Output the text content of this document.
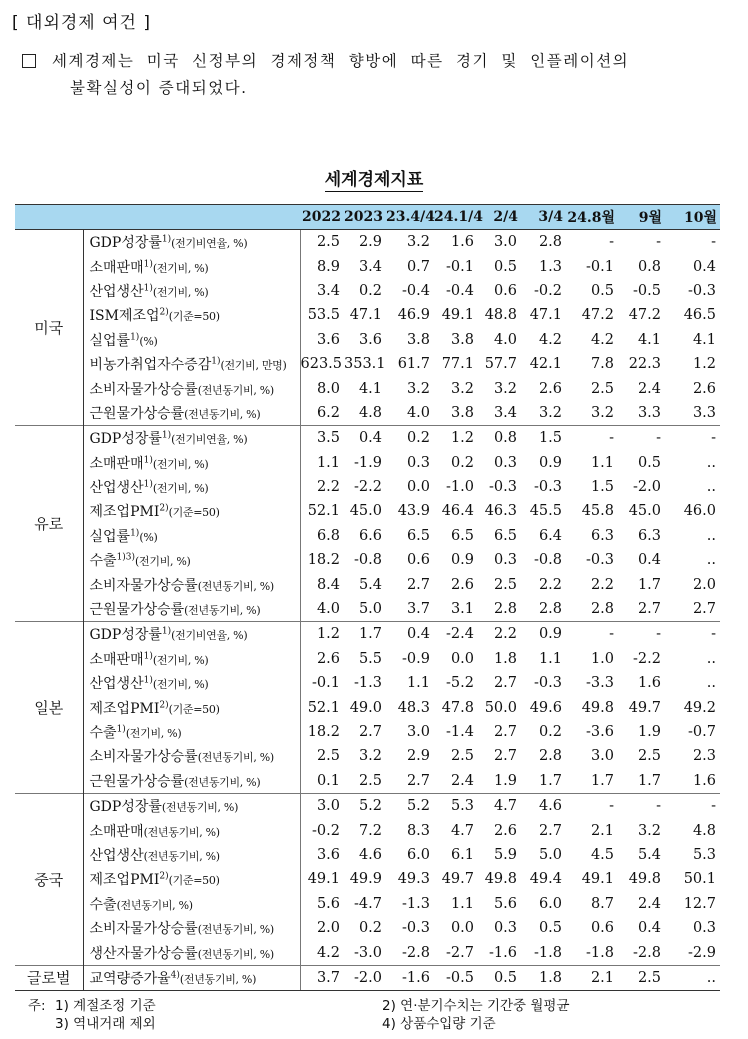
[ 대외경제 여건 ]
세계경제는 미국 신정부의 경제정책 향방에 따른 경기 및 인플레이션의
불확실성이 증대되었다.
세계경제지표
		2022	2023	23.4/4	24.1/4	2/4	3/4	24.8월	9월	10월
미국	GDP성장률$^{1)}$(전기비연율, %)	2.5	2.9	3.2	1.6	3.0	2.8	-	-	-
	소매판매$^{1)}$(전기비, %)	8.9	3.4	0.7	-0.1	0.5	1.3	-0.1	0.8	0.4
	산업생산$^{1)}$(전기비, %)	3.4	0.2	-0.4	-0.4	0.6	-0.2	0.5	-0.5	-0.3
	ISM제조업$^{2)}$(기준=50)	53.5	47.1	46.9	49.1	48.8	47.1	47.2	47.2	46.5
	실업률$^{1)}$(%)	3.6	3.6	3.8	3.8	4.0	4.2	4.2	4.1	4.1
	비농가취업자수증감$^{1)}$(전기비, 만명)	623.5	353.1	61.7	77.1	57.7	42.1	7.8	22.3	1.2
	소비자물가상승률(전년동기비, %)	8.0	4.1	3.2	3.2	3.2	2.6	2.5	2.4	2.6
	근원물가상승률(전년동기비, %)	6.2	4.8	4.0	3.8	3.4	3.2	3.2	3.3	3.3
유로	GDP성장률$^{1)}$(전기비연율, %)	3.5	0.4	0.2	1.2	0.8	1.5	-	-	-
	소매판매$^{1)}$(전기비, %)	1.1	-1.9	0.3	0.2	0.3	0.9	1.1	0.5	..
	산업생산$^{1)}$(전기비, %)	2.2	-2.2	0.0	-1.0	-0.3	-0.3	1.5	-2.0	..
	제조업PMI$^{2)}$(기준=50)	52.1	45.0	43.9	46.4	46.3	45.5	45.8	45.0	46.0
	실업률$^{1)}$(%)	6.8	6.6	6.5	6.5	6.5	6.4	6.3	6.3	..
	수출$^{1)3)}$(전기비, %)	18.2	-0.8	0.6	0.9	0.3	-0.8	-0.3	0.4	..
	소비자물가상승률(전년동기비, %)	8.4	5.4	2.7	2.6	2.5	2.2	2.2	1.7	2.0
	근원물가상승률(전년동기비, %)	4.0	5.0	3.7	3.1	2.8	2.8	2.8	2.7	2.7
일본	GDP성장률$^{1)}$(전기비연율, %)	1.2	1.7	0.4	-2.4	2.2	0.9	-	-	-
	소매판매$^{1)}$(전기비, %)	2.6	5.5	-0.9	0.0	1.8	1.1	1.0	-2.2	..
	산업생산$^{1)}$(전기비, %)	-0.1	-1.3	1.1	-5.2	2.7	-0.3	-3.3	1.6	..
	제조업PMI$^{2)}$(기준=50)	52.1	49.0	48.3	47.8	50.0	49.6	49.8	49.7	49.2
	수출$^{1)}$(전기비, %)	18.2	2.7	3.0	-1.4	2.7	0.2	-3.6	1.9	-0.7
	소비자물가상승률(전년동기비, %)	2.5	3.2	2.9	2.5	2.7	2.8	3.0	2.5	2.3
	근원물가상승률(전년동기비, %)	0.1	2.5	2.7	2.4	1.9	1.7	1.7	1.7	1.6
중국	GDP성장률(전년동기비, %)	3.0	5.2	5.2	5.3	4.7	4.6	-	-	-
	소매판매(전년동기비, %)	-0.2	7.2	8.3	4.7	2.6	2.7	2.1	3.2	4.8
	산업생산(전년동기비, %)	3.6	4.6	6.0	6.1	5.9	5.0	4.5	5.4	5.3
	제조업PMI$^{2)}$(기준=50)	49.1	49.9	49.3	49.7	49.8	49.4	49.1	49.8	50.1
	수출(전년동기비, %)	5.6	-4.7	-1.3	1.1	5.6	6.0	8.7	2.4	12.7
	소비자물가상승률(전년동기비, %)	2.0	0.2	-0.3	0.0	0.3	0.5	0.6	0.4	0.3
	생산자물가상승률(전년동기비, %)	4.2	-3.0	-2.8	-2.7	-1.6	-1.8	-1.8	-2.8	-2.9
글로벌	교역량증가율$^{4)}$(전년동기비, %)	3.7	-2.0	-1.6	-0.5	0.5	1.8	2.1	2.5	..
주: 1) 계절조정 기준	2) 연·분기수치는 기간중 월평균
3) 역내거래 제외	4) 상품수입량 기준
